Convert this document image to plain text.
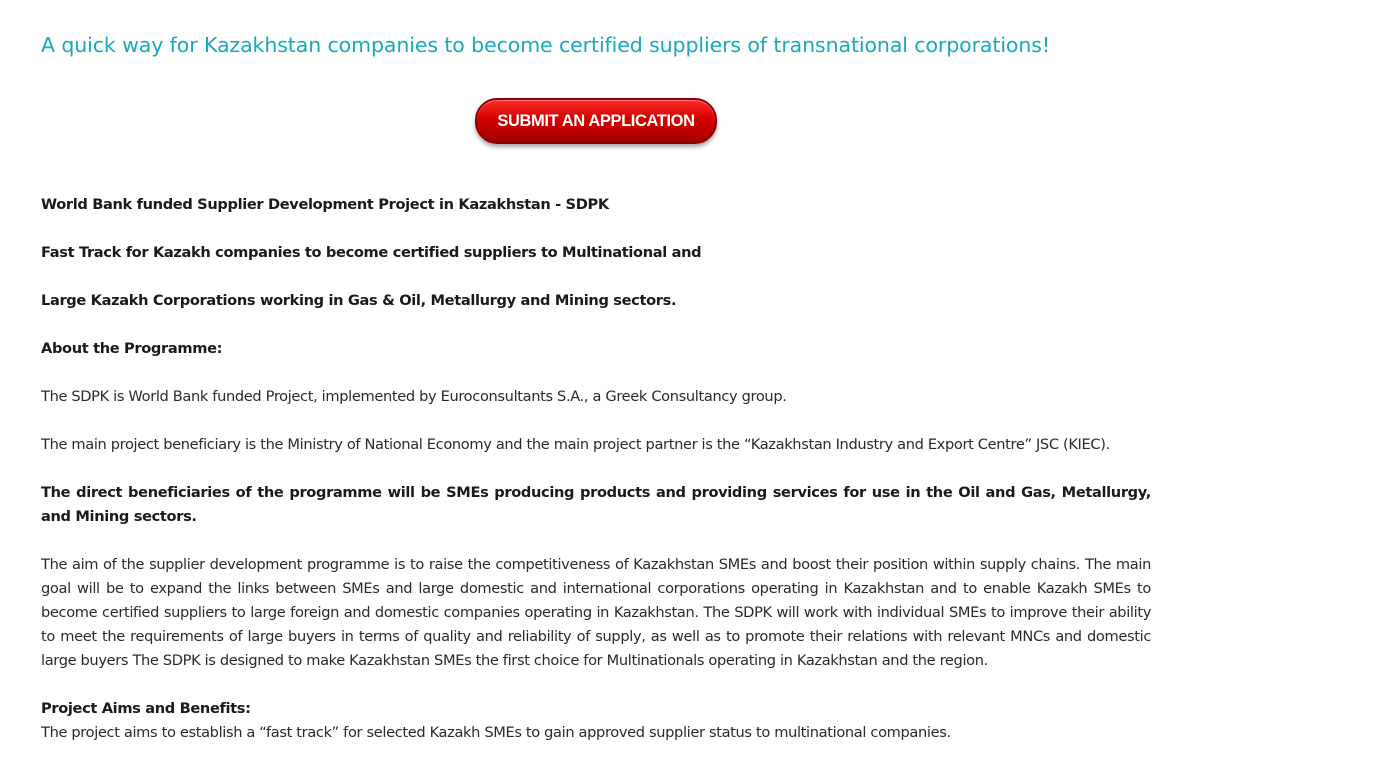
A quick way for Kazakhstan companies to become certified suppliers of transnational corporations!
SUBMIT AN APPLICATION

World Bank funded Supplier Development Project in Kazakhstan - SDPK

Fast Track for Kazakh companies to become certified suppliers to Multinational and

Large Kazakh Corporations working in Gas & Oil, Metallurgy and Mining sectors.

About the Programme:

The SDPK is World Bank funded Project, implemented by Euroconsultants S.A., a Greek Consultancy group.

The main project beneficiary is the Ministry of National Economy and the main project partner is the “Kazakhstan Industry and Export Centre” JSC (KIEC).

The direct beneficiaries of the programme will be SMEs producing products and providing services for use in the Oil and Gas, Metallurgy, and Mining sectors.

The aim of the supplier development programme is to raise the competitiveness of Kazakhstan SMEs and boost their position within supply chains. The main goal will be to expand the links between SMEs and large domestic and international corporations operating in Kazakhstan and to enable Kazakh SMEs to become certified suppliers to large foreign and domestic companies operating in Kazakhstan. The SDPK will work with individual SMEs to improve their ability to meet the requirements of large buyers in terms of quality and reliability of supply, as well as to promote their relations with relevant MNCs and domestic large buyers The SDPK is designed to make Kazakhstan SMEs the first choice for Multinationals operating in Kazakhstan and the region.

Project Aims and Benefits:

The project aims to establish a “fast track” for selected Kazakh SMEs to gain approved supplier status to multinational companies.
